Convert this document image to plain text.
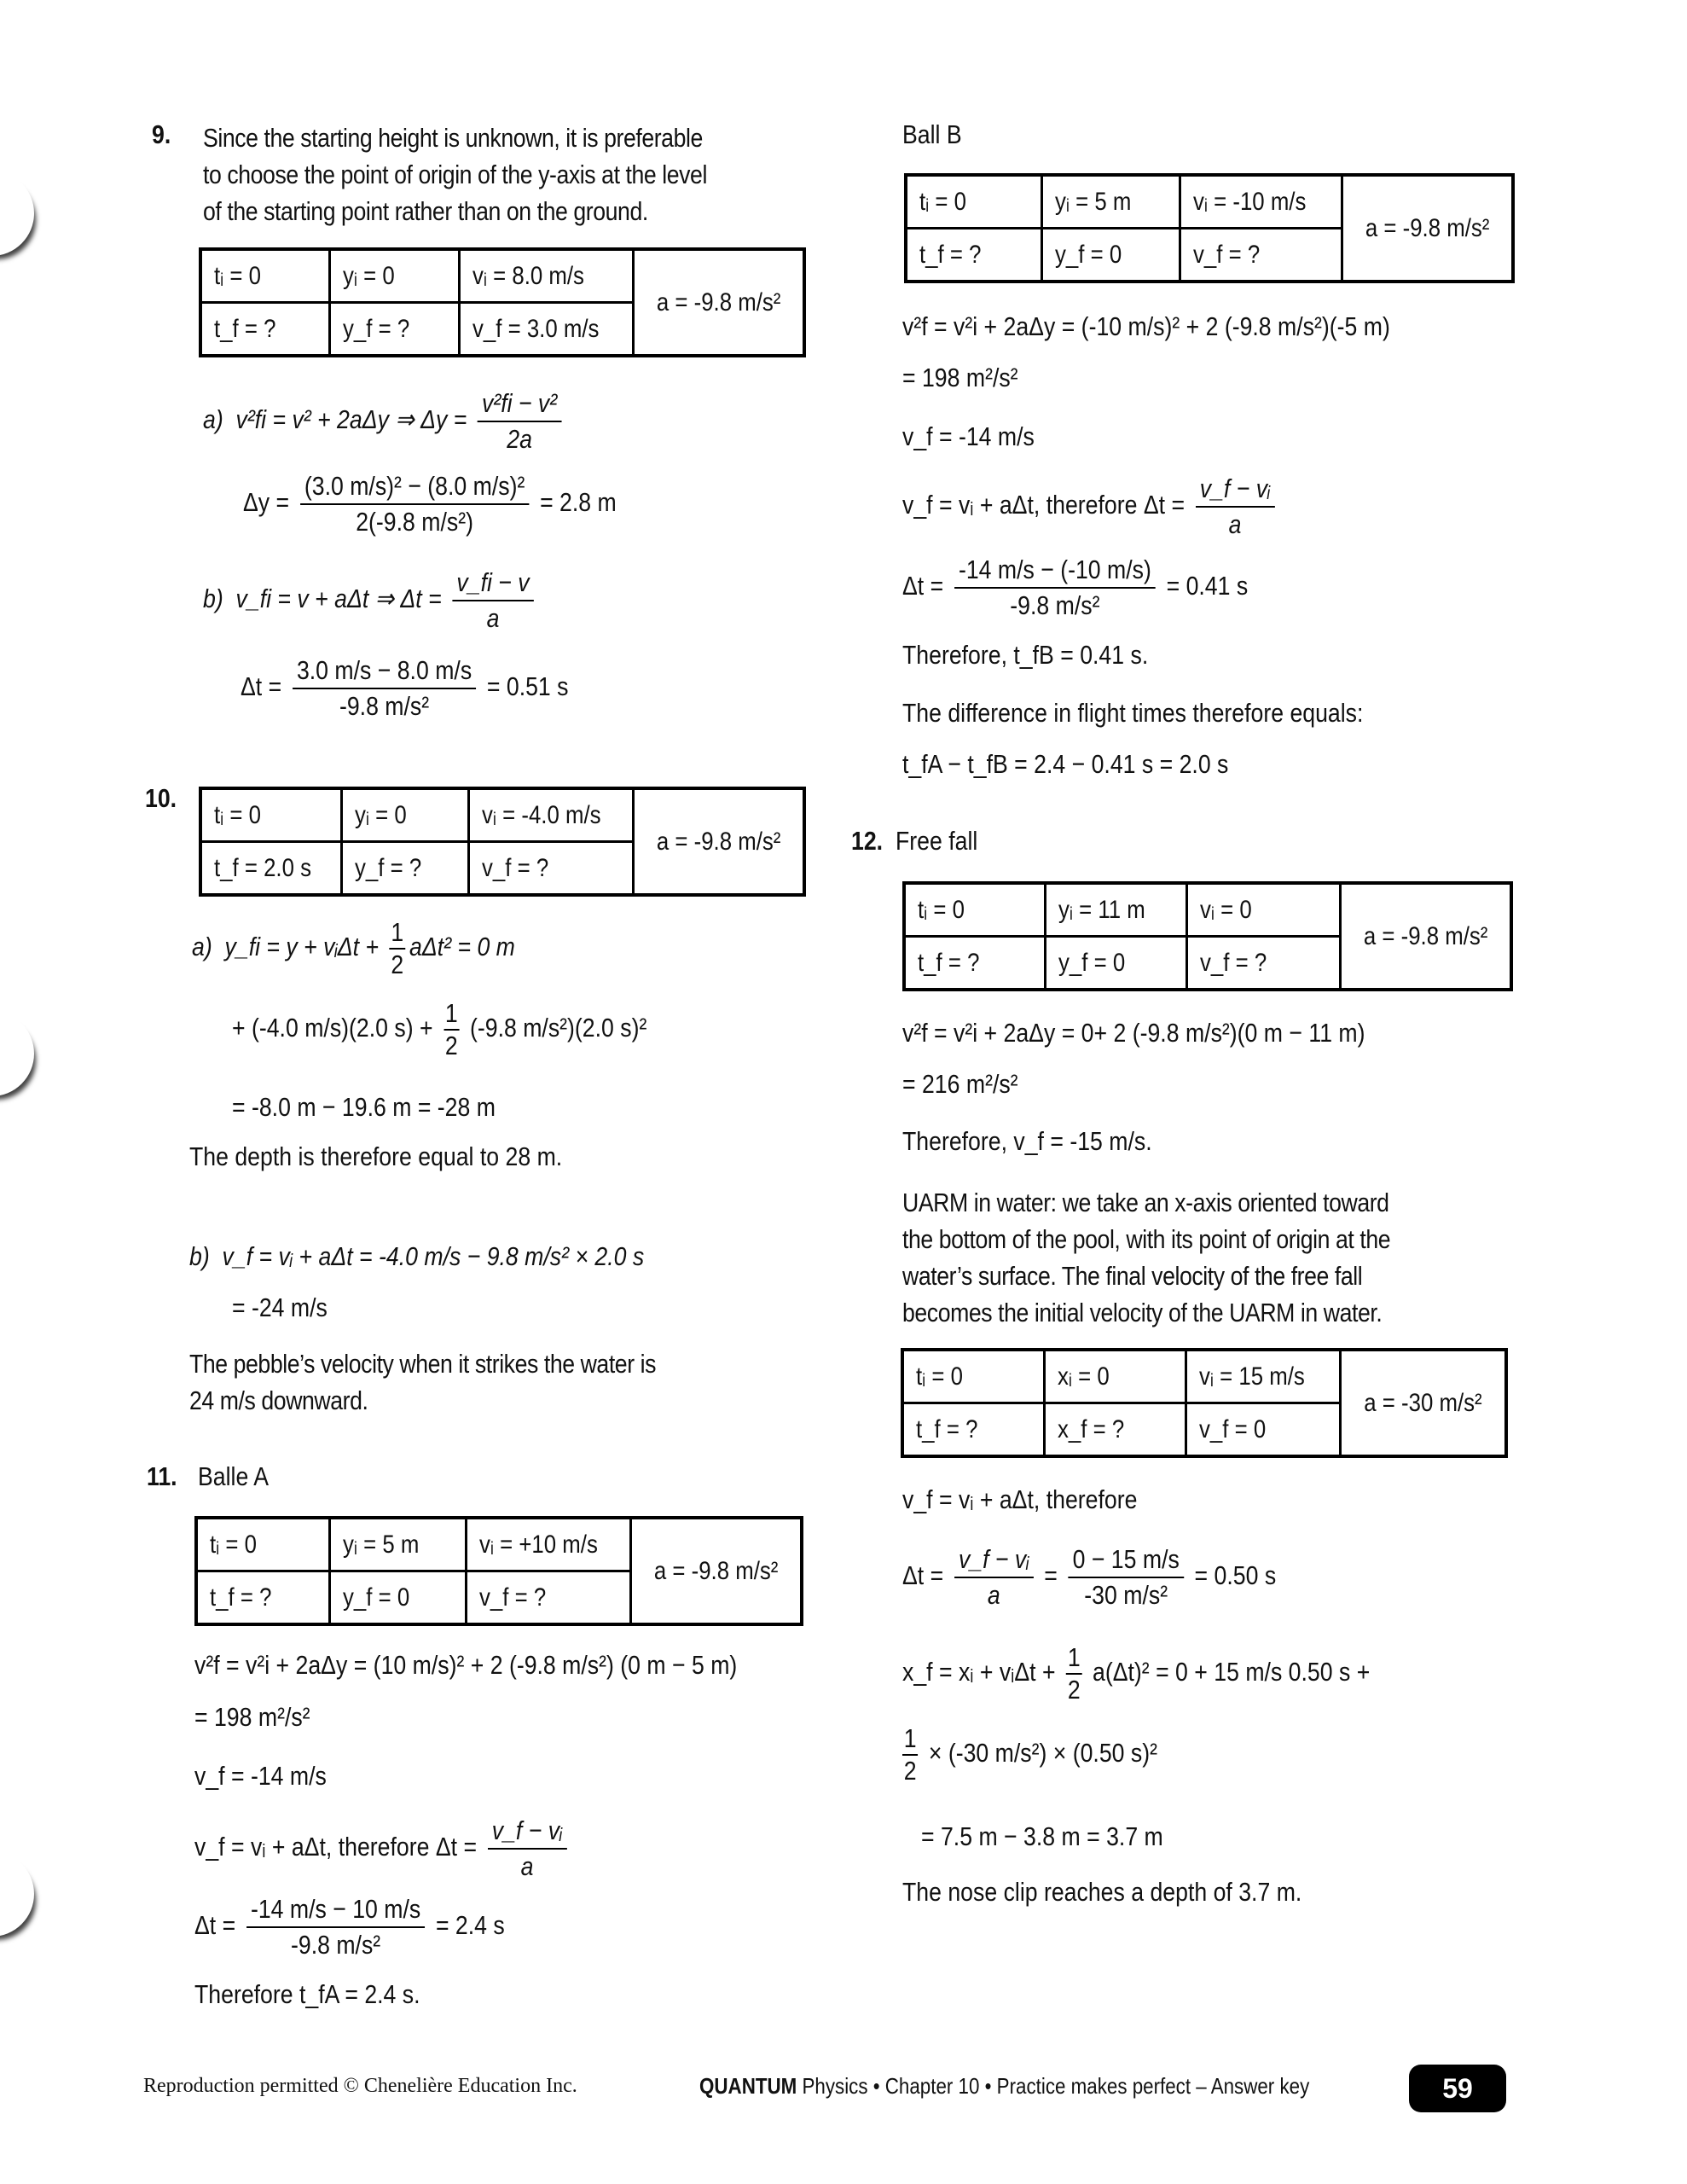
9. Since the starting height is unknown, it is preferable
to choose the point of origin of the y-axis at the level
of the starting point rather than on the ground.
tᵢ = 0	yᵢ = 0	vᵢ = 8.0 m/s	a = -9.8 m/s²
t_f = ?	y_f = ?	v_f = 3.0 m/s	
a) v²fi = v² + 2aΔy ⇒ $\Delta y = \frac{\text{v²fi − v²}}{2a}$
$\Delta y = \frac{\text{(3.0 m/s)² − (8.0 m/s)²}}{\text{2(-9.8 m/s²)}} = 2.8$ m
b) v_fi = v + aΔt ⇒ $\Delta t = \frac{v\_fi - v}{a}$
$\Delta t = \frac{3.0 m/s - 8.0 m/s}{\text{-9.8 m/s²}} = 0.51$ s
10.
tᵢ = 0	yᵢ = 0	vᵢ = -4.0 m/s	a = -9.8 m/s²
t_f = 2.0 s	y_f = ?	v_f = ?	
a) y_fi = y + vᵢΔt + $\frac{1}{2} a\Delta t^2 = 0$ m
+ (-4.0 m/s)(2.0 $s) + \frac{1}{2} (-9.8$ m/s²)(2.0 s)²
= -8.0 m − 19.6 m = -28 m
The depth is therefore equal to 28 m.
b) v_f = vᵢ + aΔt = -4.0 m/s − 9.8 m/s² × 2.0 s
= -24 m/s
The pebble’s velocity when it strikes the water is
24 m/s downward.
11. Balle A
tᵢ = 0	yᵢ = 5 m	vᵢ = +10 m/s	a = -9.8 m/s²
t_f = ?	y_f = 0	v_f = ?	
v²f = v²i + 2aΔy = (10 m/s)² + 2 (-9.8 m/s²) (0 m − 5 m)
= 198 m²/s²
v_f = -14 m/s
v_f = vᵢ + aΔt, therefore $\Delta t = \frac{\text{v\_f − vᵢ}}{a}$
$\Delta t = \frac{-14 m/s - 10 m/s}{\text{-9.8 m/s²}} = 2.4$ s
Therefore t_fA = 2.4 s.
Ball B
tᵢ = 0	yᵢ = 5 m	vᵢ = -10 m/s	a = -9.8 m/s²
t_f = ?	y_f = 0	v_f = ?	
v²f = v²i + 2aΔy = (-10 m/s)² + 2 (-9.8 m/s²)(-5 m)
= 198 m²/s²
v_f = -14 m/s
v_f = vᵢ + aΔt, therefore $\Delta t = \frac{\text{v\_f − vᵢ}}{a}$
$\Delta t = \frac{-14 m/s - (-10 m/s)}{\text{-9.8 m/s²}} = 0.41$ s
Therefore, t_fB = 0.41 s.
The difference in flight times therefore equals:
t_fA − t_fB = 2.4 − 0.41 s = 2.0 s
12. Free fall
tᵢ = 0	yᵢ = 11 m	vᵢ = 0	a = -9.8 m/s²
t_f = ?	y_f = 0	v_f = ?	
v²f = v²i + 2aΔy = 0+ 2 (-9.8 m/s²)(0 m − 11 m)
= 216 m²/s²
Therefore, v_f = -15 m/s.
UARM in water: we take an x-axis oriented toward
the bottom of the pool, with its point of origin at the
water’s surface. The final velocity of the free fall
becomes the initial velocity of the UARM in water.
tᵢ = 0	xᵢ = 0	vᵢ = 15 m/s	a = -30 m/s²
t_f = ?	x_f = ?	v_f = 0	
v_f = vᵢ + aΔt, therefore
$\Delta t = \frac{\text{v\_f − vᵢ}}{a} = \frac{0 - 15 m/s}{\text{-30 m/s²}} = 0.50$ s
x_f = xᵢ + vᵢΔt + $\frac{1}{2} a(\Delta t)^2 = 0 + 15$ m/s 0.50 s +
$\frac{1}{2} \times (-30$ m/s²) × (0.50 s)²
= 7.5 m − 3.8 m = 3.7 m
The nose clip reaches a depth of 3.7 m.
Reproduction permitted © Chenelière Education Inc.	QUANTUM Physics • Chapter 10 • Practice makes perfect – Answer key	59
